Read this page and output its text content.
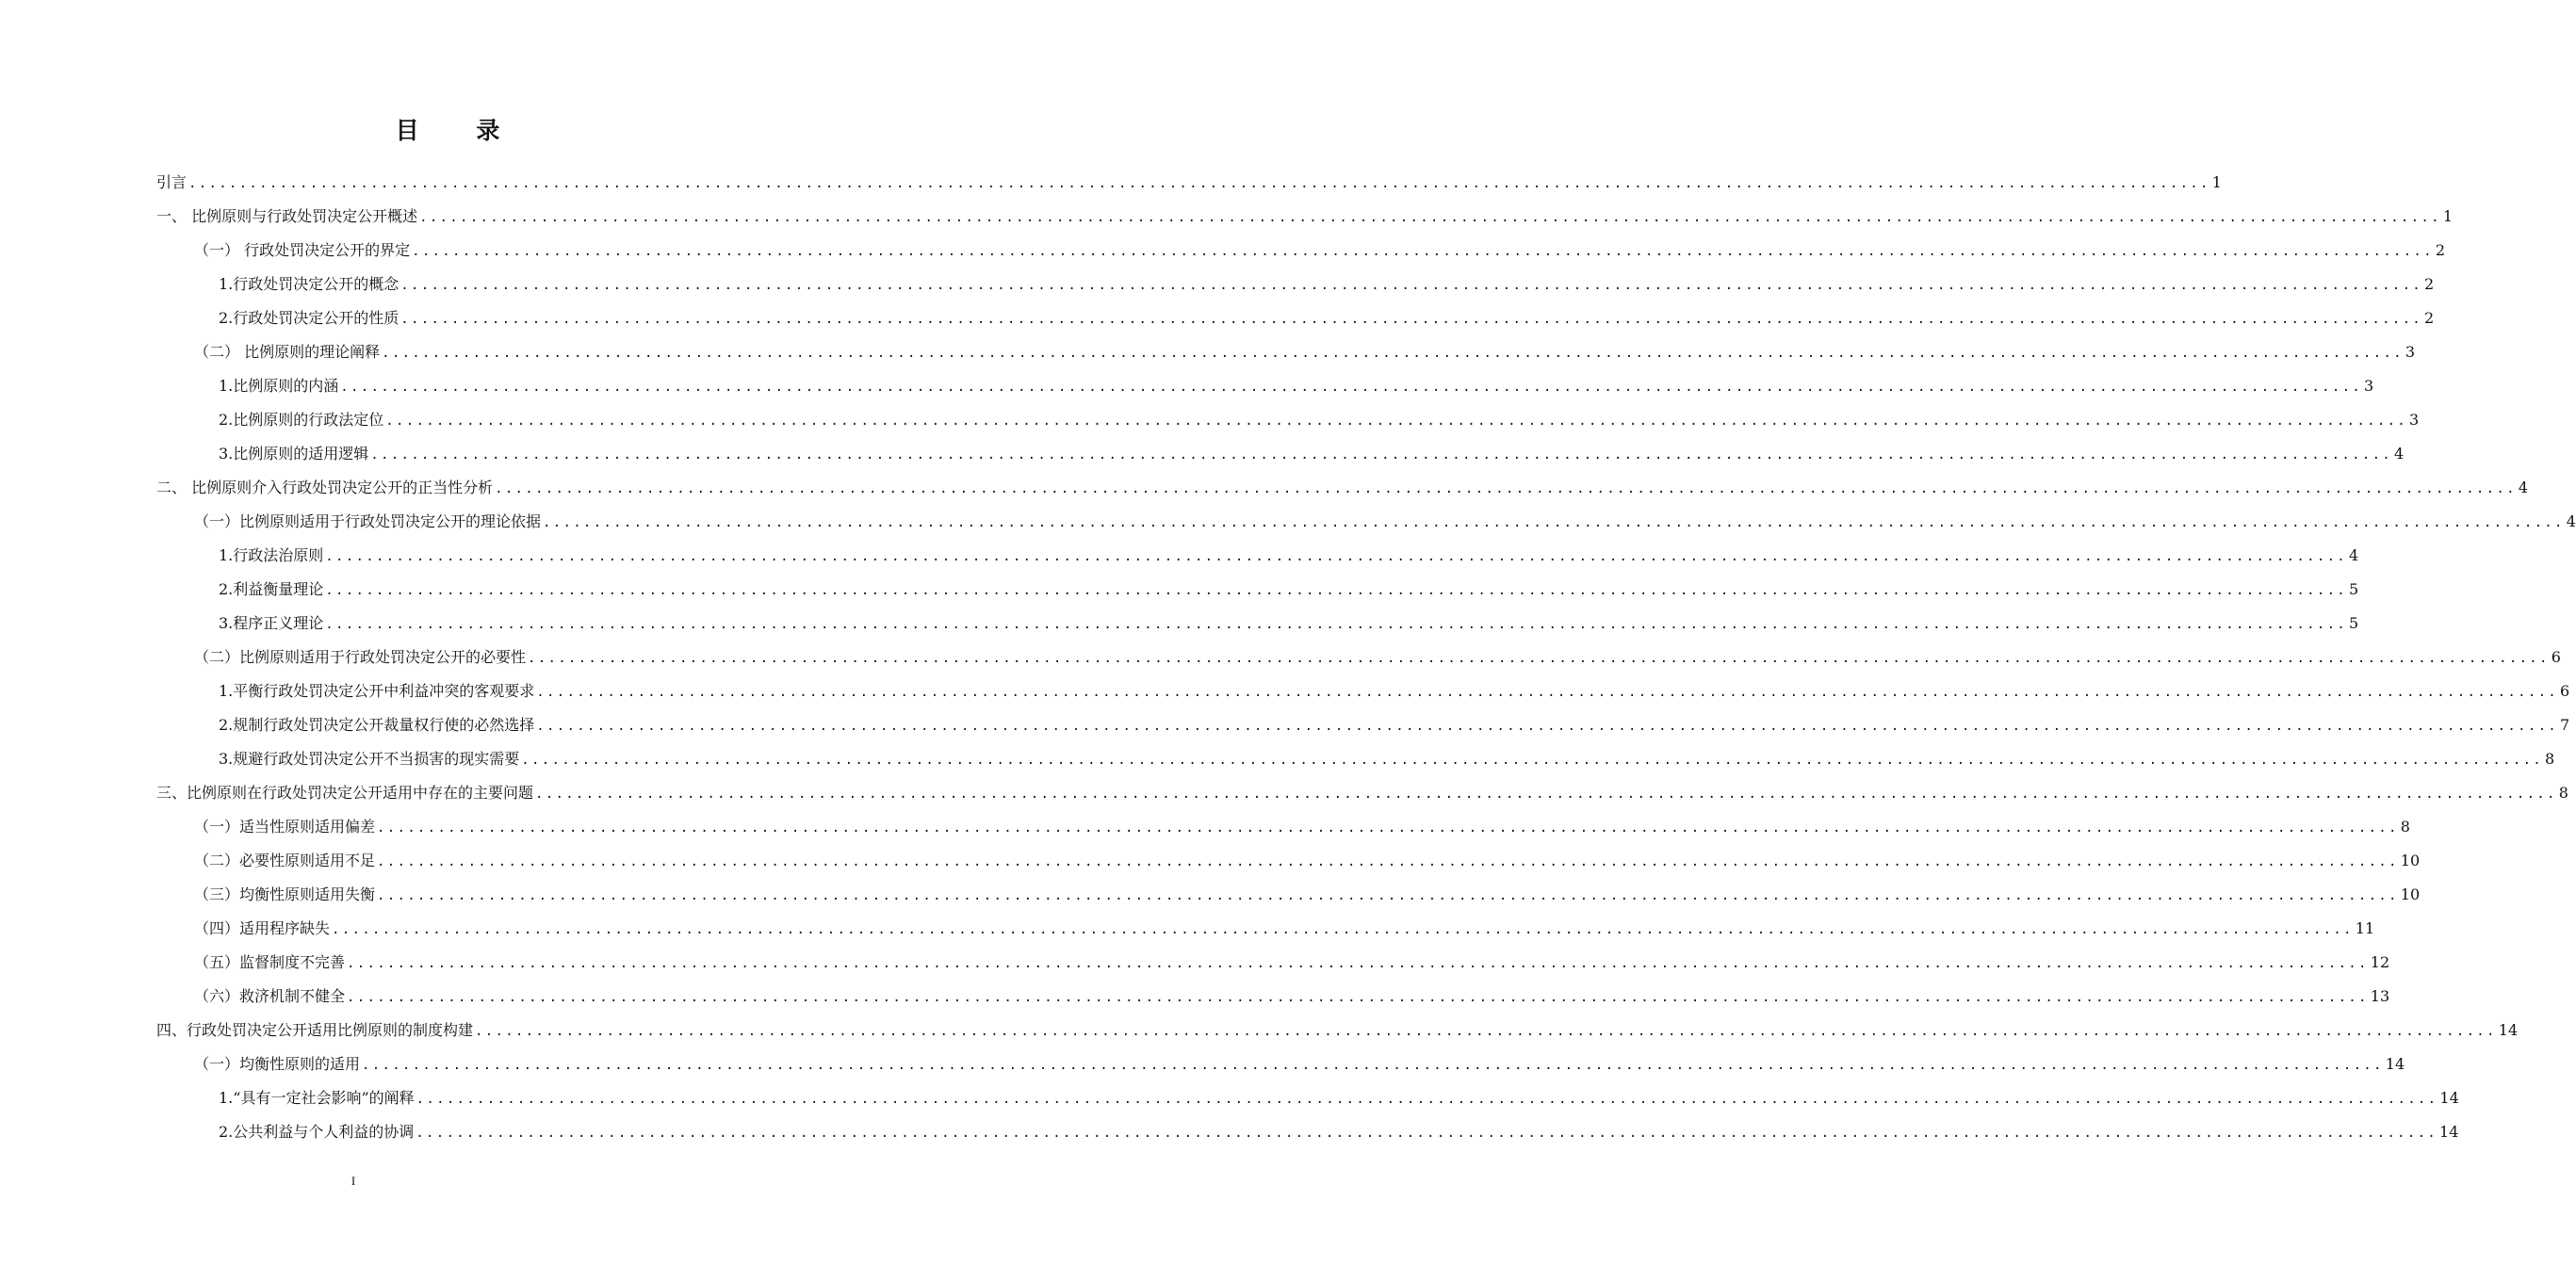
目 录
引言 ........................................................................................................................................................................................................ 1
一、 比例原则与行政处罚决定公开概述 ........................................................................................................................................................................................................ 1
（一） 行政处罚决定公开的界定 ........................................................................................................................................................................................................ 2
1.行政处罚决定公开的概念 ........................................................................................................................................................................................................ 2
2.行政处罚决定公开的性质 ........................................................................................................................................................................................................ 2
（二） 比例原则的理论阐释 ........................................................................................................................................................................................................ 3
1.比例原则的内涵 ........................................................................................................................................................................................................ 3
2.比例原则的行政法定位 ........................................................................................................................................................................................................ 3
3.比例原则的适用逻辑 ........................................................................................................................................................................................................ 4
二、 比例原则介入行政处罚决定公开的正当性分析 ........................................................................................................................................................................................................ 4
（一）比例原则适用于行政处罚决定公开的理论依据 ........................................................................................................................................................................................................ 4
1.行政法治原则 ........................................................................................................................................................................................................ 4
2.利益衡量理论 ........................................................................................................................................................................................................ 5
3.程序正义理论 ........................................................................................................................................................................................................ 5
（二）比例原则适用于行政处罚决定公开的必要性 ........................................................................................................................................................................................................ 6
1.平衡行政处罚决定公开中利益冲突的客观要求 ........................................................................................................................................................................................................ 6
2.规制行政处罚决定公开裁量权行使的必然选择 ........................................................................................................................................................................................................ 7
3.规避行政处罚决定公开不当损害的现实需要 ........................................................................................................................................................................................................ 8
三、比例原则在行政处罚决定公开适用中存在的主要问题 ........................................................................................................................................................................................................ 8
（一）适当性原则适用偏差 ........................................................................................................................................................................................................ 8
（二）必要性原则适用不足 ........................................................................................................................................................................................................ 10
（三）均衡性原则适用失衡 ........................................................................................................................................................................................................ 10
（四）适用程序缺失 ........................................................................................................................................................................................................ 11
（五）监督制度不完善 ........................................................................................................................................................................................................ 12
（六）救济机制不健全 ........................................................................................................................................................................................................ 13
四、行政处罚决定公开适用比例原则的制度构建 ........................................................................................................................................................................................................ 14
（一）均衡性原则的适用 ........................................................................................................................................................................................................ 14
1.“具有一定社会影响”的阐释 ........................................................................................................................................................................................................ 14
2.公共利益与个人利益的协调 ........................................................................................................................................................................................................ 14
I
